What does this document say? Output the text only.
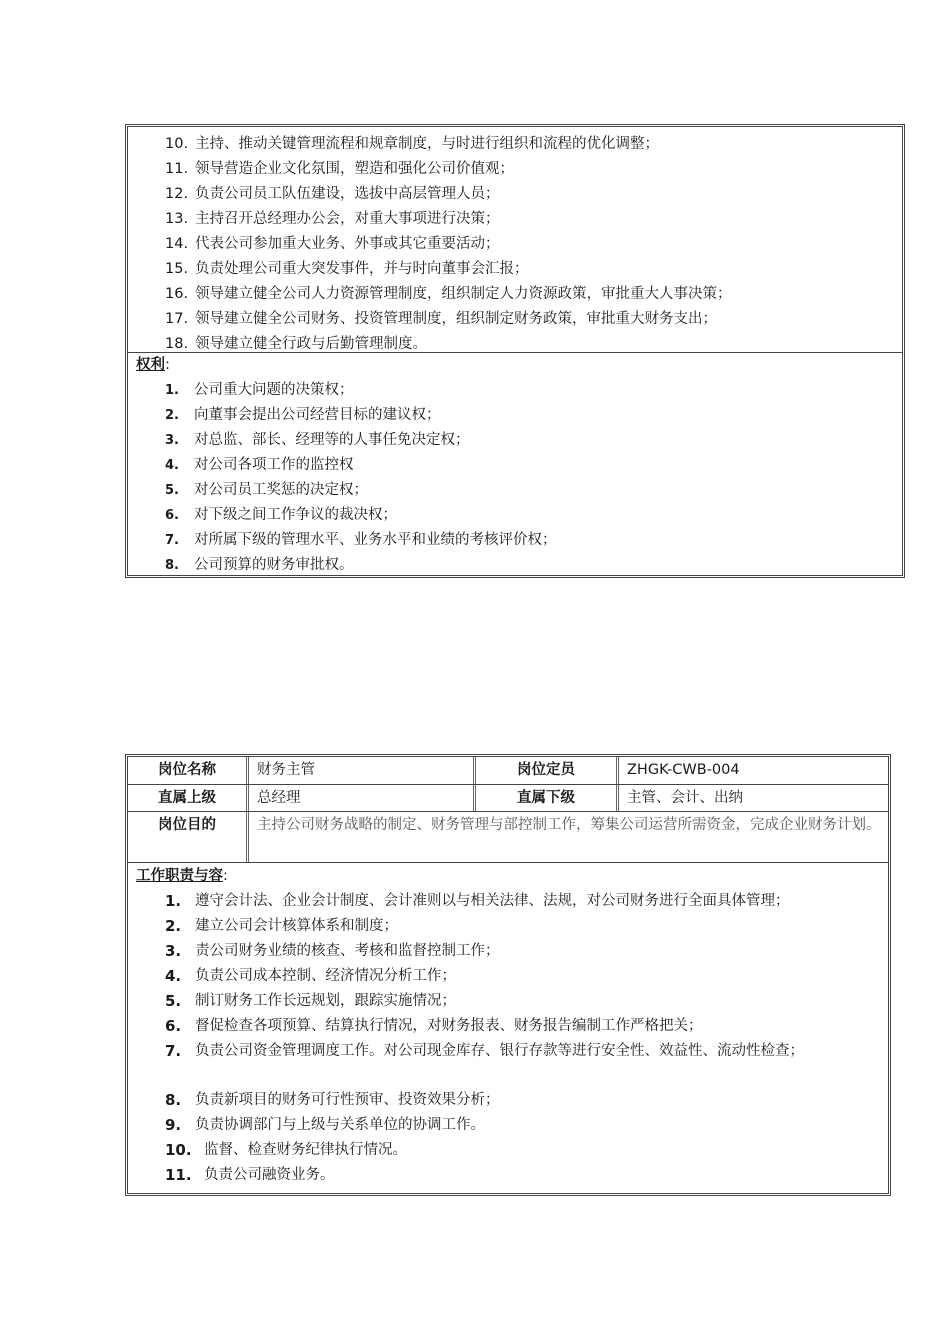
10. 主持、推动关键管理流程和规章制度，与时进行组织和流程的优化调整；
11. 领导营造企业文化氛围，塑造和强化公司价值观；
12. 负责公司员工队伍建设，选拔中高层管理人员；
13. 主持召开总经理办公会，对重大事项进行决策；
14. 代表公司参加重大业务、外事或其它重要活动；
15. 负责处理公司重大突发事件，并与时向董事会汇报；
16. 领导建立健全公司人力资源管理制度，组织制定人力资源政策，审批重大人事决策；
17. 领导建立健全公司财务、投资管理制度，组织制定财务政策，审批重大财务支出；
18. 领导建立健全行政与后勤管理制度。
权利:
1. 公司重大问题的决策权；
2. 向董事会提出公司经营目标的建议权；
3. 对总监、部长、经理等的人事任免决定权；
4. 对公司各项工作的监控权
5. 对公司员工奖惩的决定权；
6. 对下级之间工作争议的裁决权；
7. 对所属下级的管理水平、业务水平和业绩的考核评价权；
8. 公司预算的财务审批权。
岗位名称	财务主管	岗位定员	ZHGK-CWB-004
直属上级	总经理	直属下级	主管、会计、出纳
岗位目的	主持公司财务战略的制定、财务管理与部控制工作，筹集公司运营所需资金，完成企业财务计划。
工作职责与容:
1. 遵守会计法、企业会计制度、会计准则以与相关法律、法规，对公司财务进行全面具体管理；
2. 建立公司会计核算体系和制度；
3. 责公司财务业绩的核查、考核和监督控制工作；
4. 负责公司成本控制、经济情况分析工作；
5. 制订财务工作长远规划，跟踪实施情况；
6. 督促检查各项预算、结算执行情况，对财务报表、财务报告编制工作严格把关；
7. 负责公司资金管理调度工作。对公司现金库存、银行存款等进行安全性、效益性、流动性检查；
8. 负责新项目的财务可行性预审、投资效果分析；
9. 负责协调部门与上级与关系单位的协调工作。
10. 监督、检查财务纪律执行情况。
11. 负责公司融资业务。
